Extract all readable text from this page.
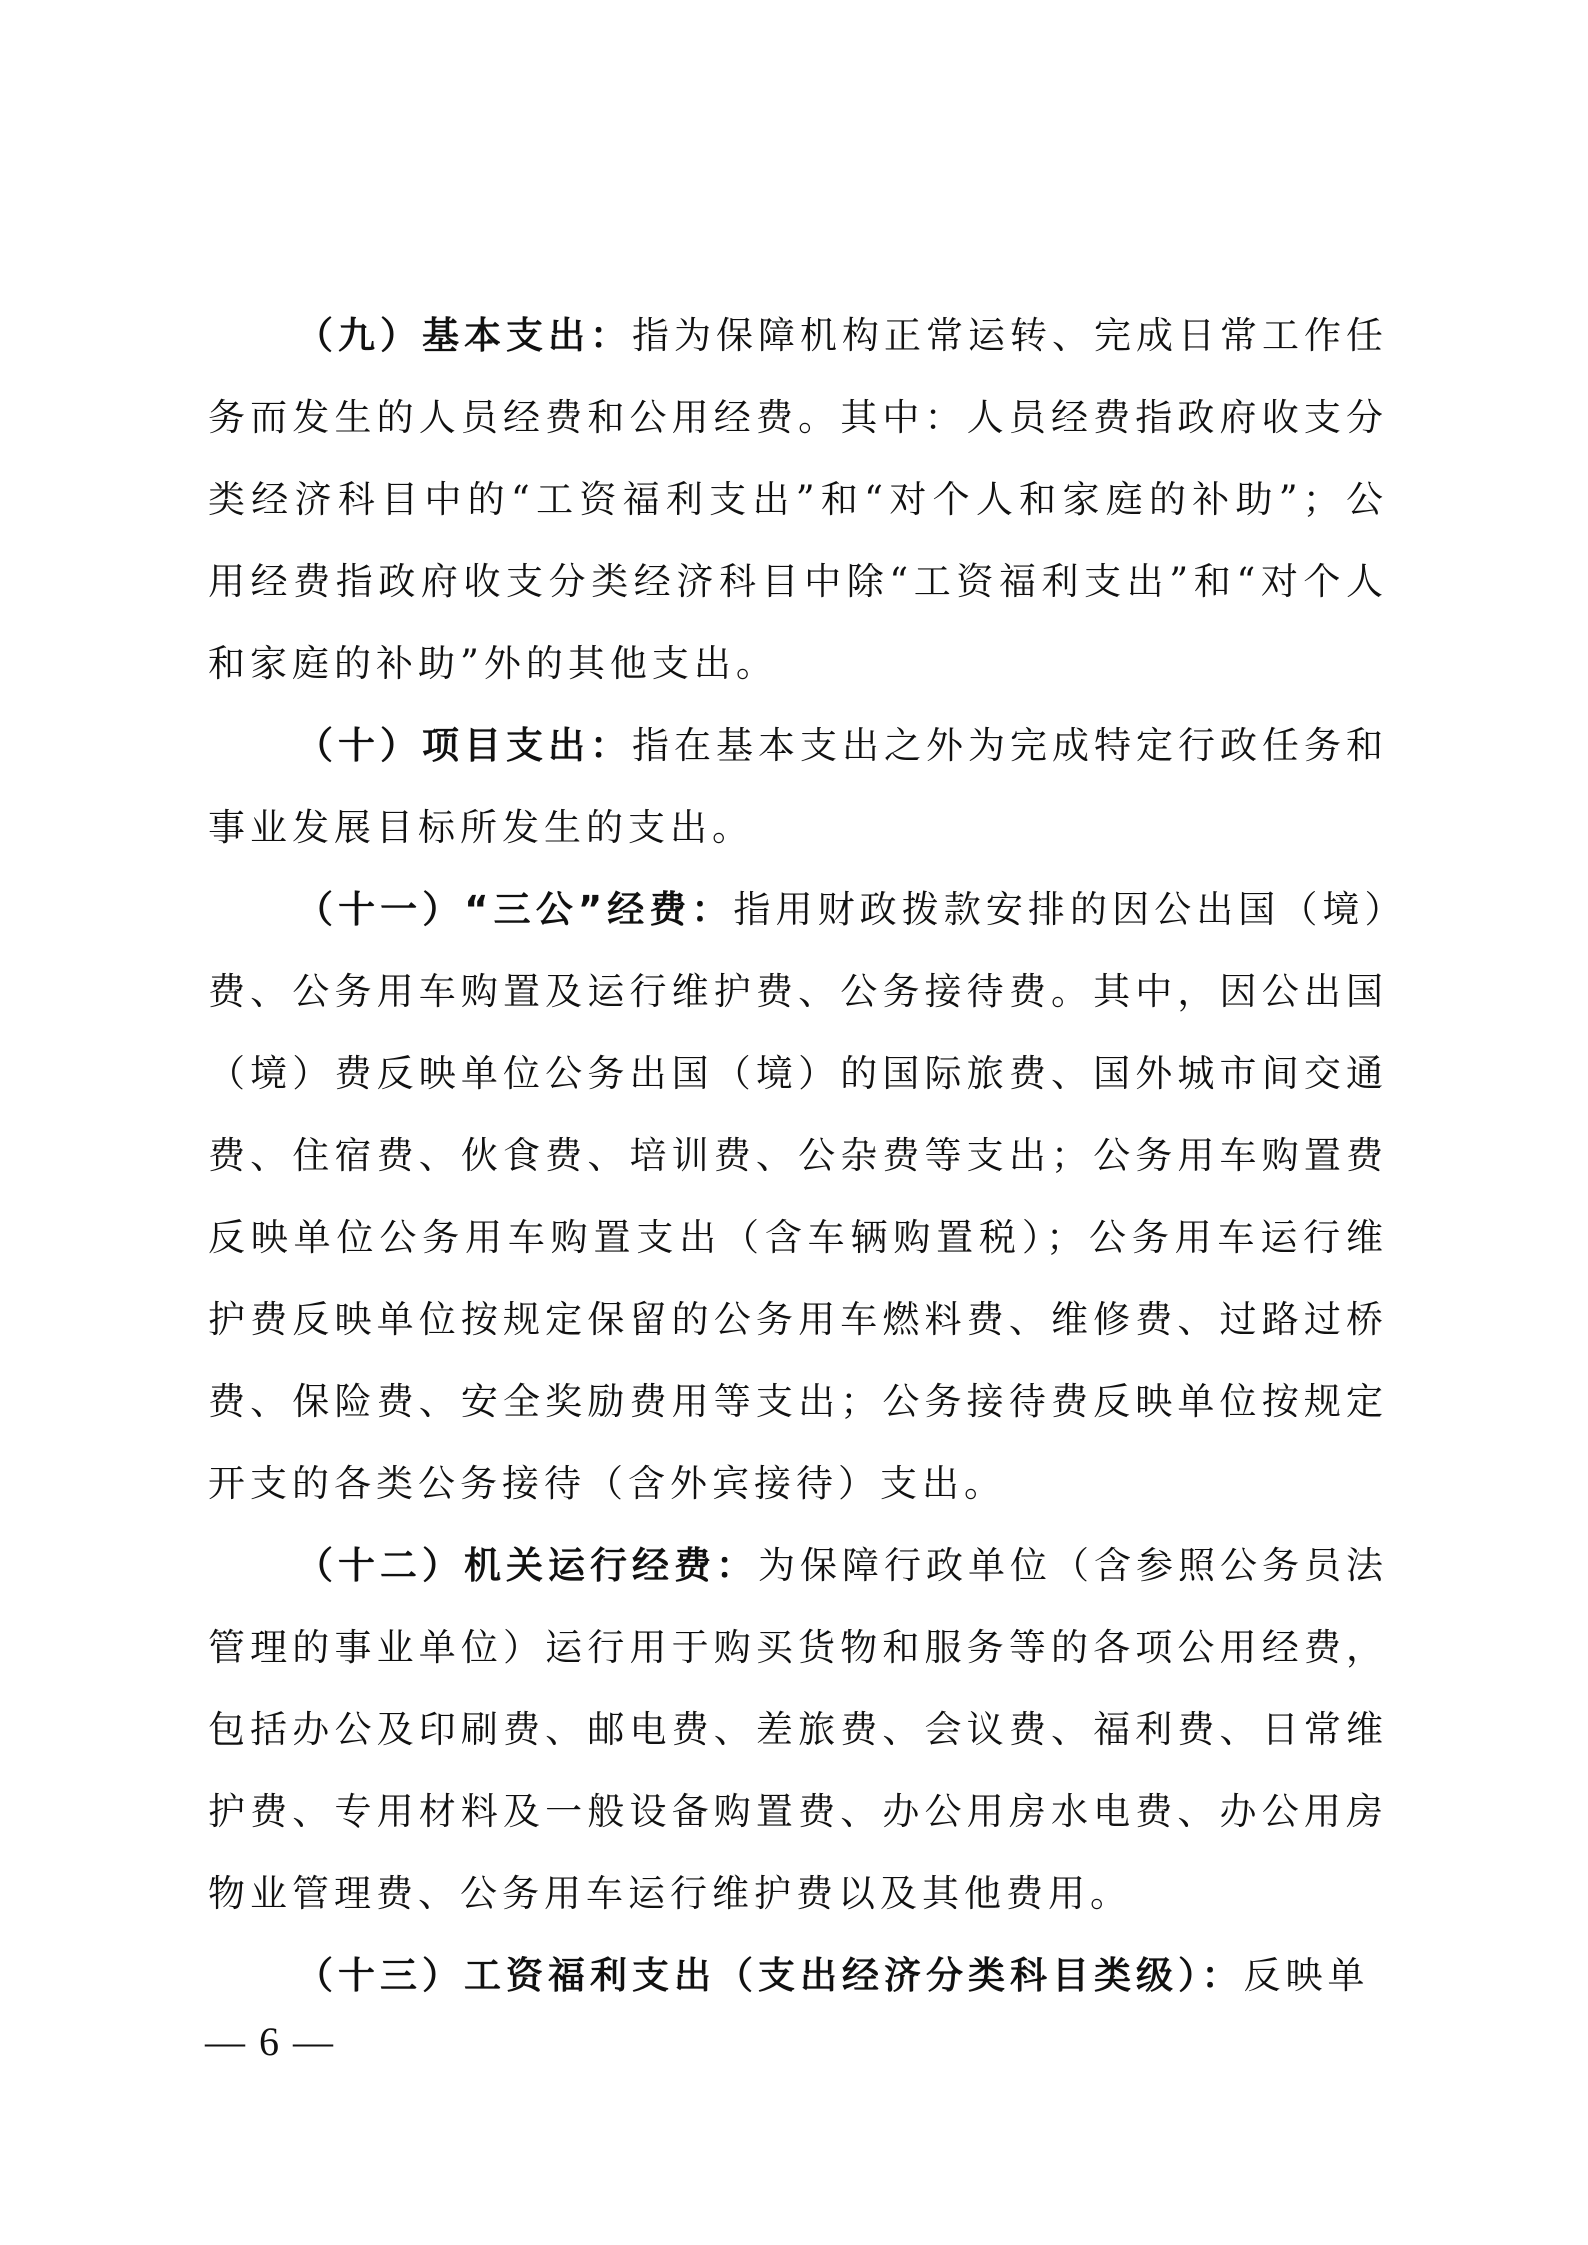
（九）基本支出：指为保障机构正常运转、完成日常工作任务而发生的人员经费和公用经费。其中：人员经费指政府收支分类经济科目中的“工资福利支出”和“对个人和家庭的补助”；公用经费指政府收支分类经济科目中除“工资福利支出”和“对个人和家庭的补助”外的其他支出。

（十）项目支出：指在基本支出之外为完成特定行政任务和事业发展目标所发生的支出。

（十一）“三公”经费：指用财政拨款安排的因公出国（境）费、公务用车购置及运行维护费、公务接待费。其中，因公出国（境）费反映单位公务出国（境）的国际旅费、国外城市间交通费、住宿费、伙食费、培训费、公杂费等支出；公务用车购置费反映单位公务用车购置支出（含车辆购置税）；公务用车运行维护费反映单位按规定保留的公务用车燃料费、维修费、过路过桥费、保险费、安全奖励费用等支出；公务接待费反映单位按规定开支的各类公务接待（含外宾接待）支出。

（十二）机关运行经费：为保障行政单位（含参照公务员法管理的事业单位）运行用于购买货物和服务等的各项公用经费，包括办公及印刷费、邮电费、差旅费、会议费、福利费、日常维护费、专用材料及一般设备购置费、办公用房水电费、办公用房物业管理费、公务用车运行维护费以及其他费用。

（十三）工资福利支出（支出经济分类科目类级）：反映单

— 6 —
